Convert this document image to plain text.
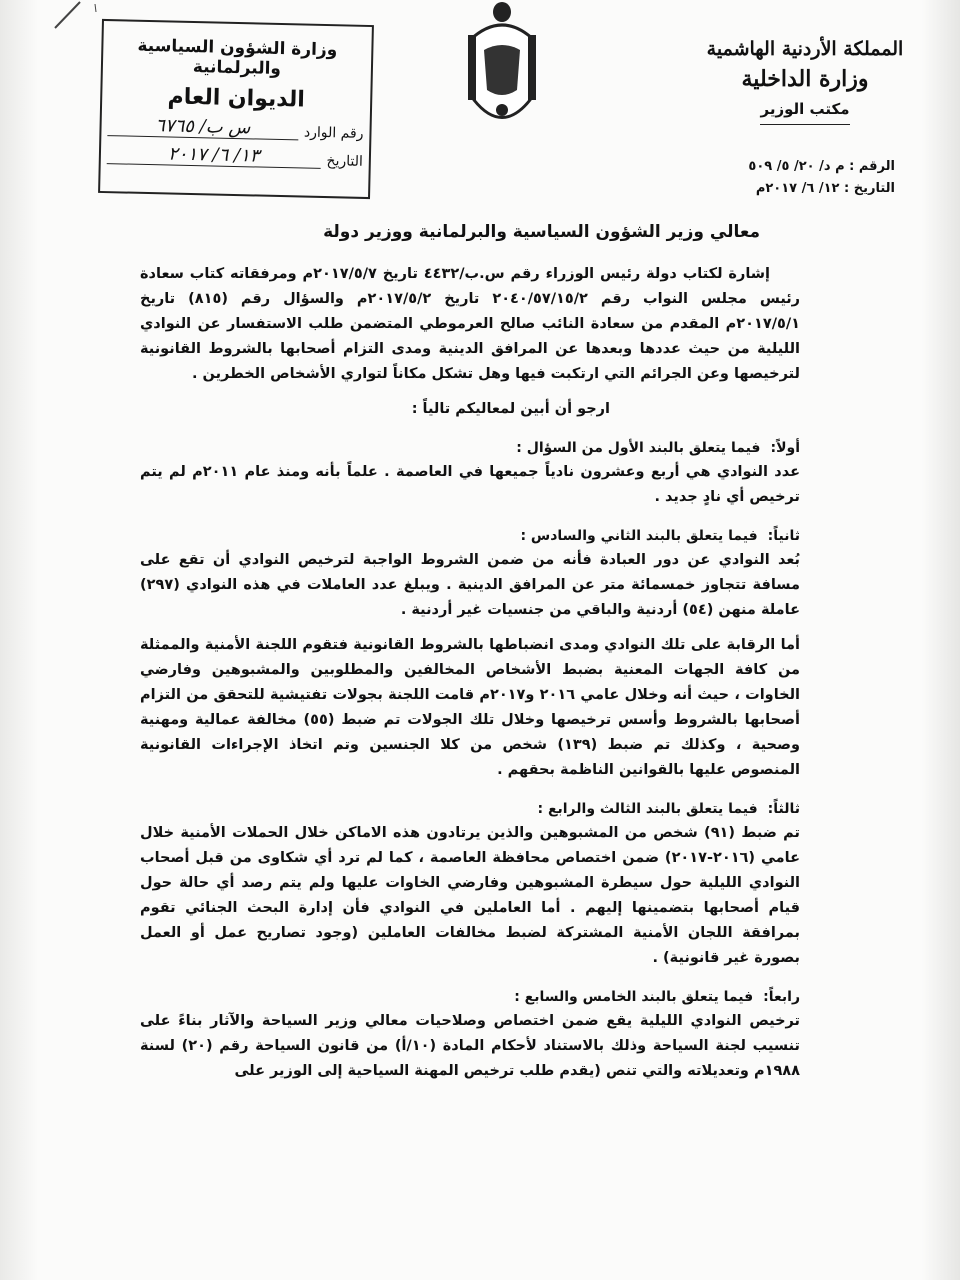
وزارة الشؤون السياسية والبرلمانية
الديوان العام
رقم الوارد
س ب/ ٦٧٦٥
التاريخ
١٣/ ٦/ ٢٠١٧
المملكة الأردنية الهاشمية
وزارة الداخلية
مكتب الوزير
الرقم : م د/ ٢٠/ ٥/ ٥٠٩
التاريخ : ١٢/ ٦/ ٢٠١٧م
معالي وزير الشؤون السياسية والبرلمانية ووزير دولة

إشارة لكتاب دولة رئيس الوزراء رقم س.ب/٤٤٣٢ تاريخ ٢٠١٧/٥/٧م ومرفقاته كتاب سعادة رئيس مجلس النواب رقم ٢٠٤٠/٥٧/١٥/٢ تاريخ ٢٠١٧/٥/٢م والسؤال رقم (٨١٥) تاريخ ٢٠١٧/٥/١م المقدم من سعادة النائب صالح العرموطي المتضمن طلب الاستفسار عن النوادي الليلية من حيث عددها وبعدها عن المرافق الدينية ومدى التزام أصحابها بالشروط القانونية لترخيصها وعن الجرائم التي ارتكبت فيها وهل تشكل مكاناً لتواري الأشخاص الخطرين .

ارجو أن أبين لمعاليكم تالياً :

أولاً:
فيما يتعلق بالبند الأول من السؤال :

عدد النوادي هي أربع وعشرون نادياً جميعها في العاصمة . علماً بأنه ومنذ عام ٢٠١١م لم يتم ترخيص أي نادٍ جديد .

ثانياً:
فيما يتعلق بالبند الثاني والسادس :

بُعد النوادي عن دور العبادة فأنه من ضمن الشروط الواجبة لترخيص النوادي أن تقع على مسافة تتجاوز خمسمائة متر عن المرافق الدينية . ويبلغ عدد العاملات في هذه النوادي (٢٩٧) عاملة منهن (٥٤) أردنية والباقي من جنسيات غير أردنية .

أما الرقابة على تلك النوادي ومدى انضباطها بالشروط القانونية فتقوم اللجنة الأمنية والممثلة من كافة الجهات المعنية بضبط الأشخاص المخالفين والمطلوبين والمشبوهين وفارضي الخاوات ، حيث أنه وخلال عامي ٢٠١٦ و٢٠١٧م قامت اللجنة بجولات تفتيشية للتحقق من التزام أصحابها بالشروط وأسس ترخيصها وخلال تلك الجولات تم ضبط (٥٥) مخالفة عمالية ومهنية وصحية ، وكذلك تم ضبط (١٣٩) شخص من كلا الجنسين وتم اتخاذ الإجراءات القانونية المنصوص عليها بالقوانين الناظمة بحقهم .

ثالثاً:
فيما يتعلق بالبند الثالث والرابع :

تم ضبط (٩١) شخص من المشبوهين والذين يرتادون هذه الاماكن خلال الحملات الأمنية خلال عامي (٢٠١٦-٢٠١٧) ضمن اختصاص محافظة العاصمة ، كما لم ترد أي شكاوى من قبل أصحاب النوادي الليلية حول سيطرة المشبوهين وفارضي الخاوات عليها ولم يتم رصد أي حالة حول قيام أصحابها بتضمينها إليهم . أما العاملين في النوادي فأن إدارة البحث الجنائي تقوم بمرافقة اللجان الأمنية المشتركة لضبط مخالفات العاملين (وجود تصاريح عمل أو العمل بصورة غير قانونية) .

رابعاً:
فيما يتعلق بالبند الخامس والسابع :

ترخيص النوادي الليلية يقع ضمن اختصاص وصلاحيات معالي وزير السياحة والآثار بناءً على تنسيب لجنة السياحة وذلك بالاستناد لأحكام المادة (١٠/أ) من قانون السياحة رقم (٢٠) لسنة ١٩٨٨م وتعديلاته والتي تنص (يقدم طلب ترخيص المهنة السياحية إلى الوزير على
